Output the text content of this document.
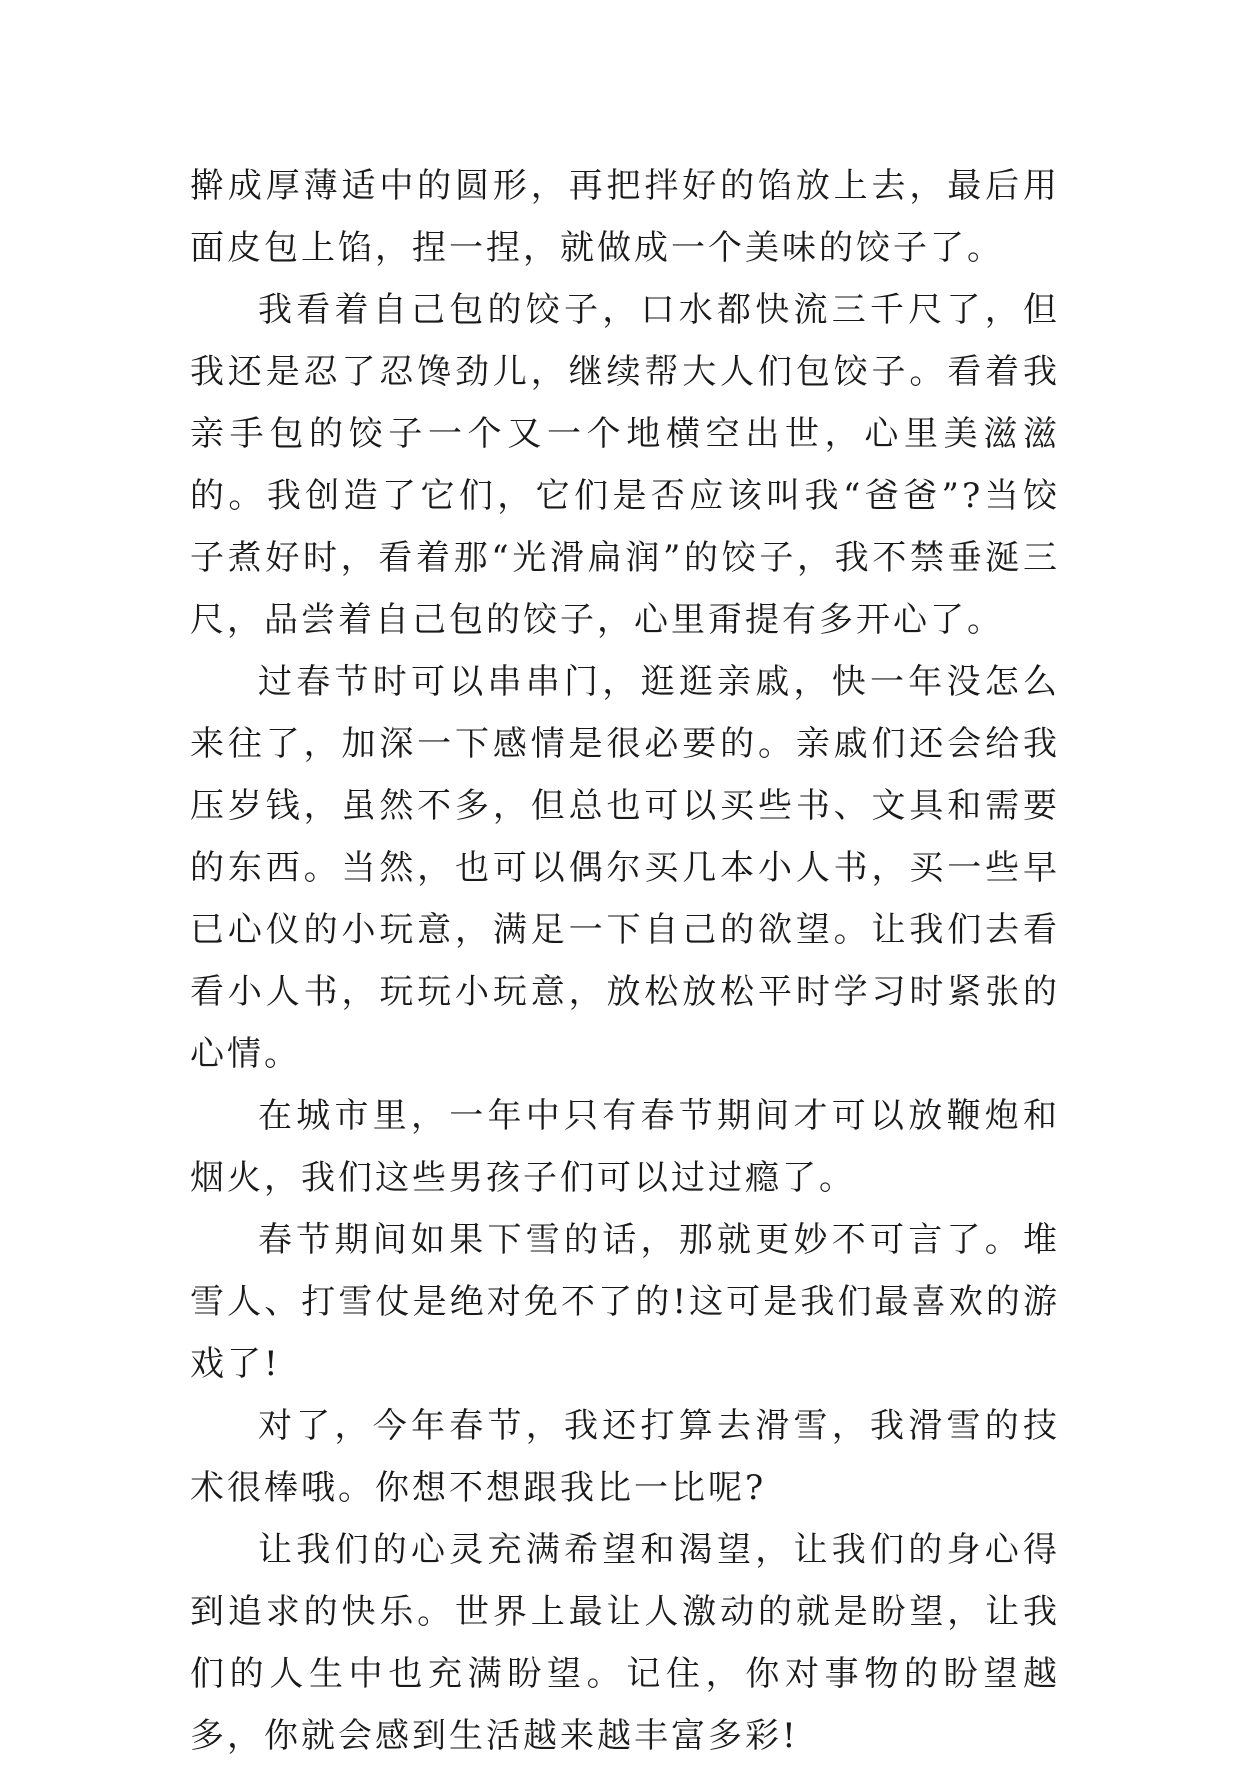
擀成厚薄适中的圆形，再把拌好的馅放上去，最后用面皮包上馅，捏一捏，就做成一个美味的饺子了。

我看着自己包的饺子，口水都快流三千尺了，但我还是忍了忍馋劲儿，继续帮大人们包饺子。看着我亲手包的饺子一个又一个地横空出世，心里美滋滋的。我创造了它们，它们是否应该叫我“爸爸”?当饺子煮好时，看着那“光滑扁润”的饺子，我不禁垂涎三尺，品尝着自己包的饺子，心里甭提有多开心了。

过春节时可以串串门，逛逛亲戚，快一年没怎么来往了，加深一下感情是很必要的。亲戚们还会给我压岁钱，虽然不多，但总也可以买些书、文具和需要的东西。当然，也可以偶尔买几本小人书，买一些早已心仪的小玩意，满足一下自己的欲望。让我们去看看小人书，玩玩小玩意，放松放松平时学习时紧张的心情。

在城市里，一年中只有春节期间才可以放鞭炮和烟火，我们这些男孩子们可以过过瘾了。

春节期间如果下雪的话，那就更妙不可言了。堆雪人、打雪仗是绝对免不了的!这可是我们最喜欢的游戏了!

对了，今年春节，我还打算去滑雪，我滑雪的技术很棒哦。你想不想跟我比一比呢?

让我们的心灵充满希望和渴望，让我们的身心得到追求的快乐。世界上最让人激动的就是盼望，让我们的人生中也充满盼望。记住，你对事物的盼望越多，你就会感到生活越来越丰富多彩!
